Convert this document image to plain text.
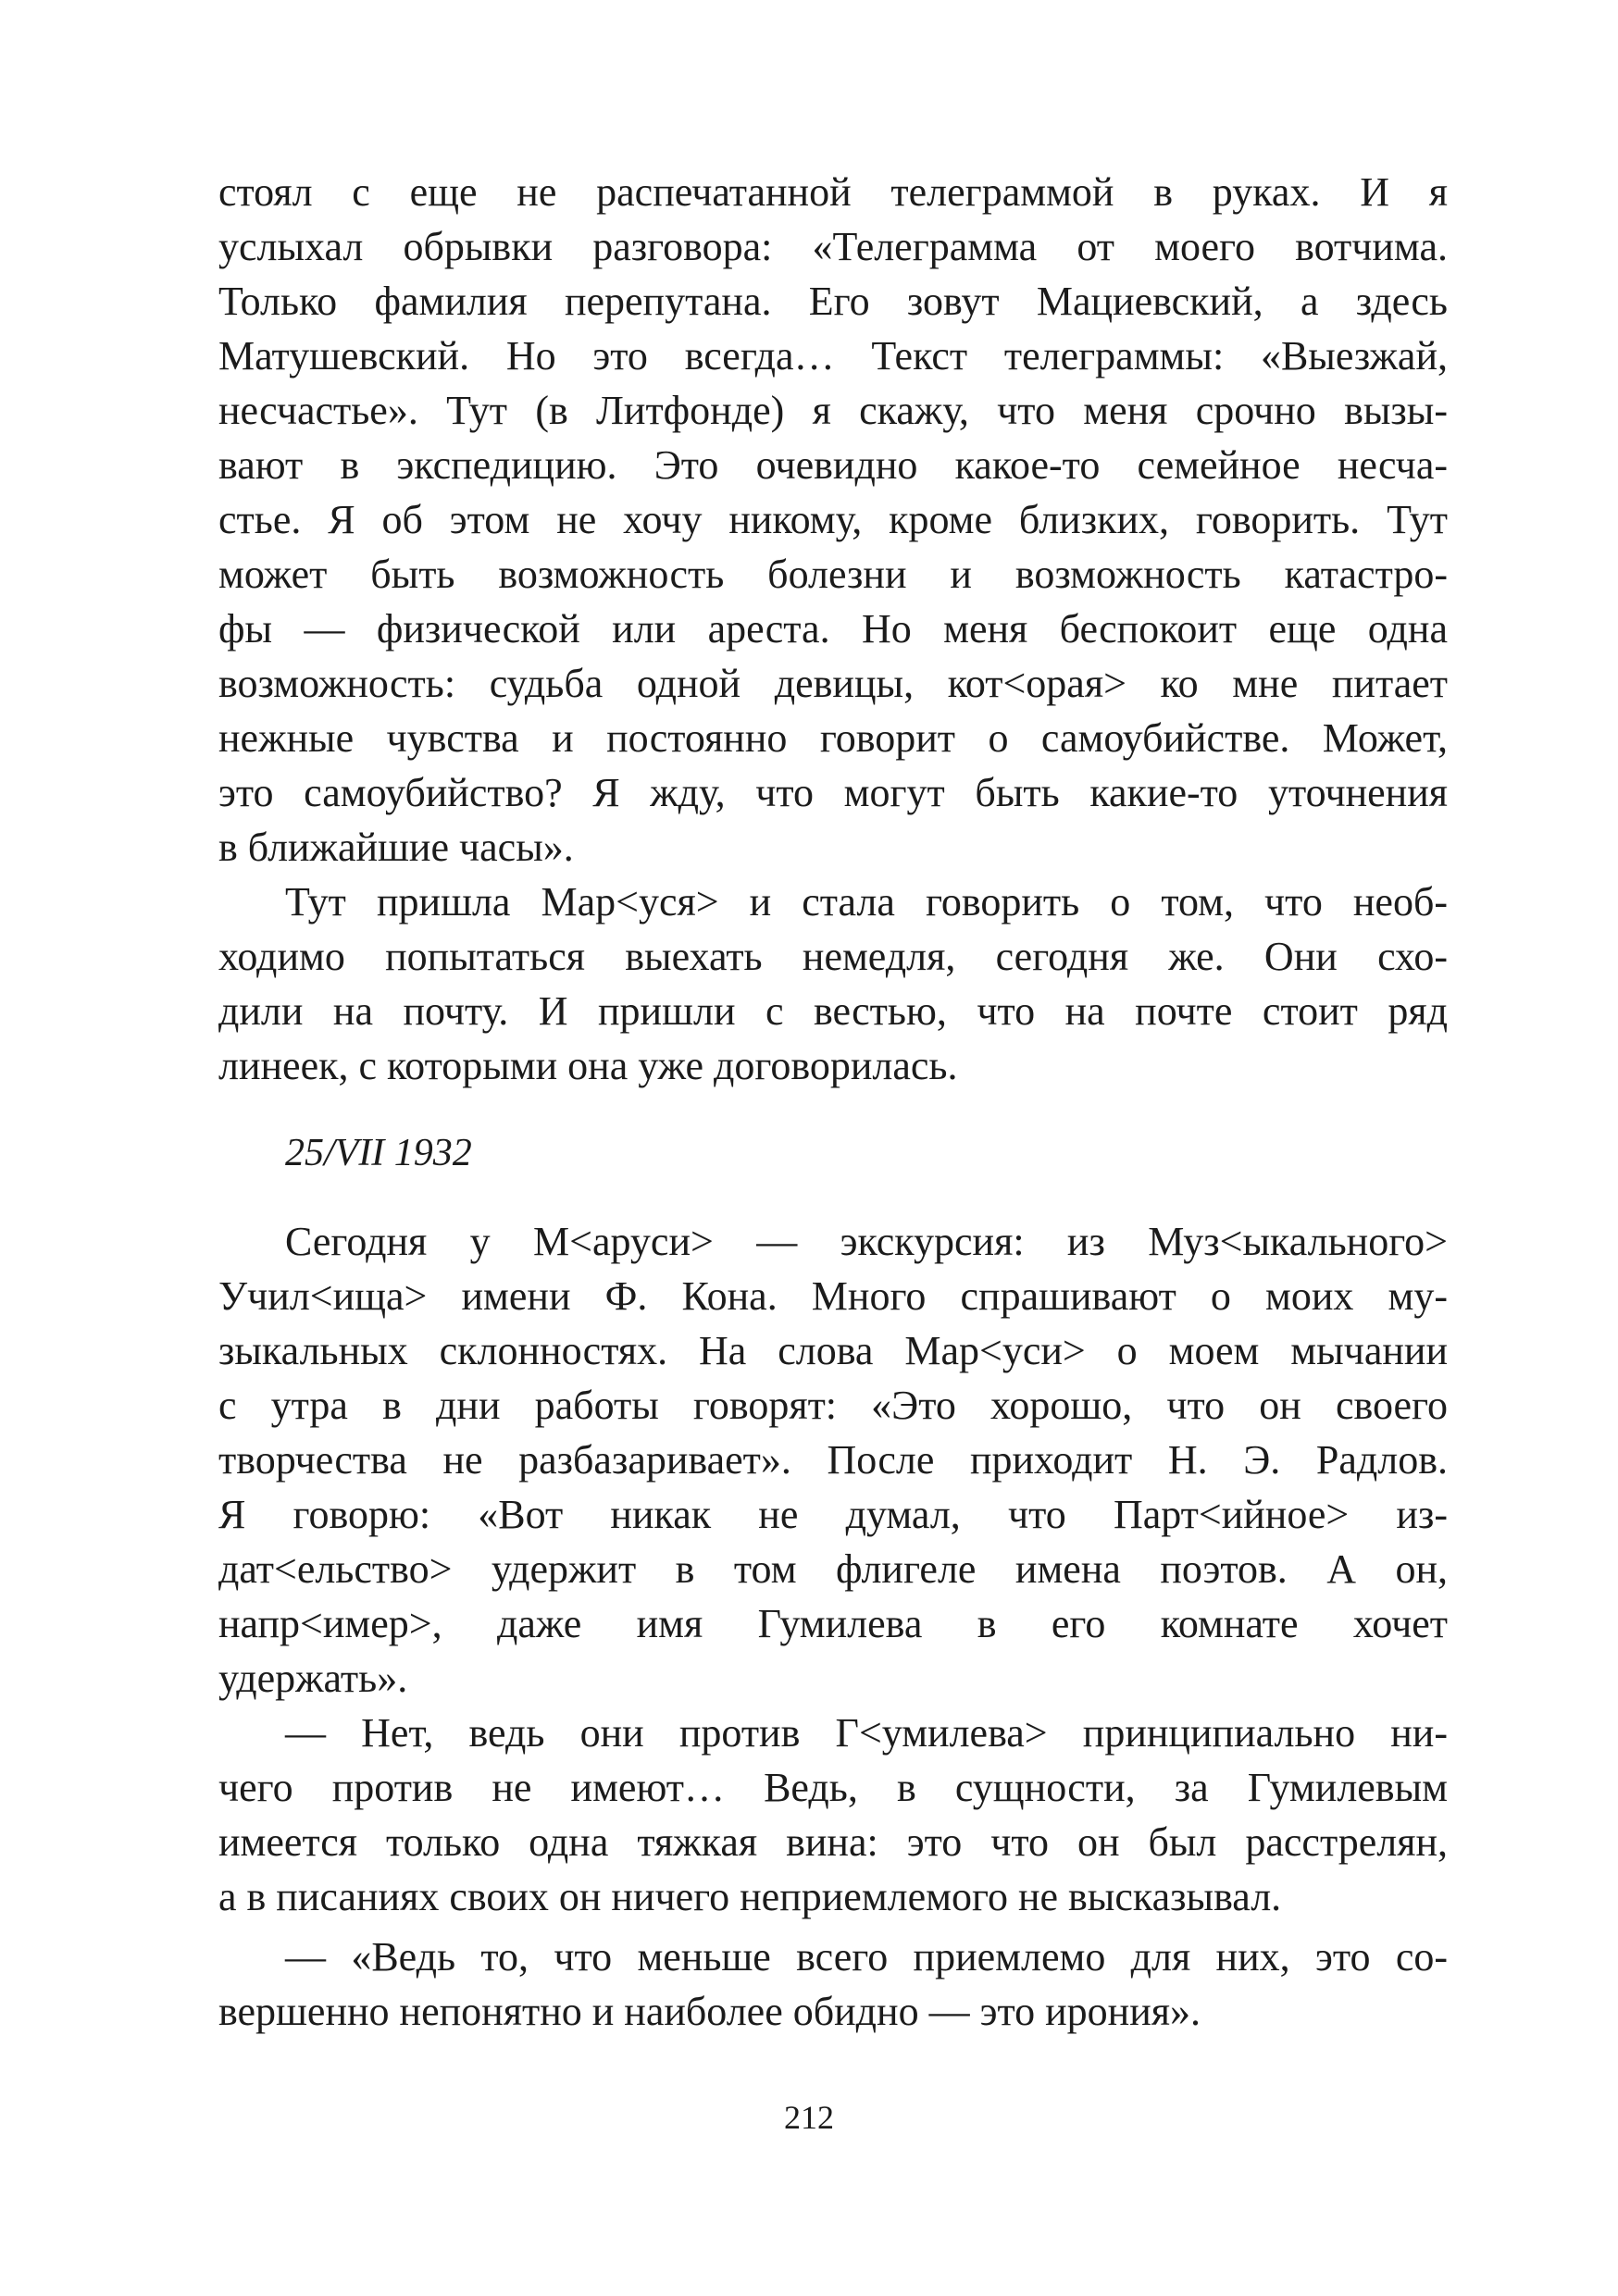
стоял с еще не распечатанной телеграммой в руках. И я
услыхал обрывки разговора: «Телеграмма от моего вотчима.
Только фамилия перепутана. Его зовут Мациевский, а здесь
Матушевский. Но это всегда… Текст телеграммы: «Выезжай,
несчастье». Тут (в Литфонде) я скажу, что меня срочно вызы-
вают в экспедицию. Это очевидно какое-то семейное несча-
стье. Я об этом не хочу никому, кроме близких, говорить. Тут
может быть возможность болезни и возможность катастро-
фы — физической или ареста. Но меня беспокоит еще одна
возможность: судьба одной девицы, кот<орая> ко мне питает
нежные чувства и постоянно говорит о самоубийстве. Может,
это самоубийство? Я жду, что могут быть какие-то уточнения
в ближайшие часы».
Тут пришла Мар<уся> и стала говорить о том, что необ-
ходимо попытаться выехать немедля, сегодня же. Они схо-
дили на почту. И пришли с вестью, что на почте стоит ряд
линеек, с которыми она уже договорилась.
25/VII 1932
Сегодня у М<аруси> — экскурсия: из Муз<ыкального>
Учил<ища> имени Ф. Кона. Много спрашивают о моих му-
зыкальных склонностях. На слова Мар<уси> о моем мычании
с утра в дни работы говорят: «Это хорошо, что он своего
творчества не разбазаривает». После приходит Н. Э. Радлов.
Я говорю: «Вот никак не думал, что Парт<ийное> из-
дат<ельство> удержит в том флигеле имена поэтов. А он,
напр<имер>, даже имя Гумилева в его комнате хочет
удержать».
— Нет, ведь они против Г<умилева> принципиально ни-
чего против не имеют… Ведь, в сущности, за Гумилевым
имеется только одна тяжкая вина: это что он был расстрелян,
а в писаниях своих он ничего неприемлемого не высказывал.
— «Ведь то, что меньше всего приемлемо для них, это со-
вершенно непонятно и наиболее обидно — это ирония».
212
